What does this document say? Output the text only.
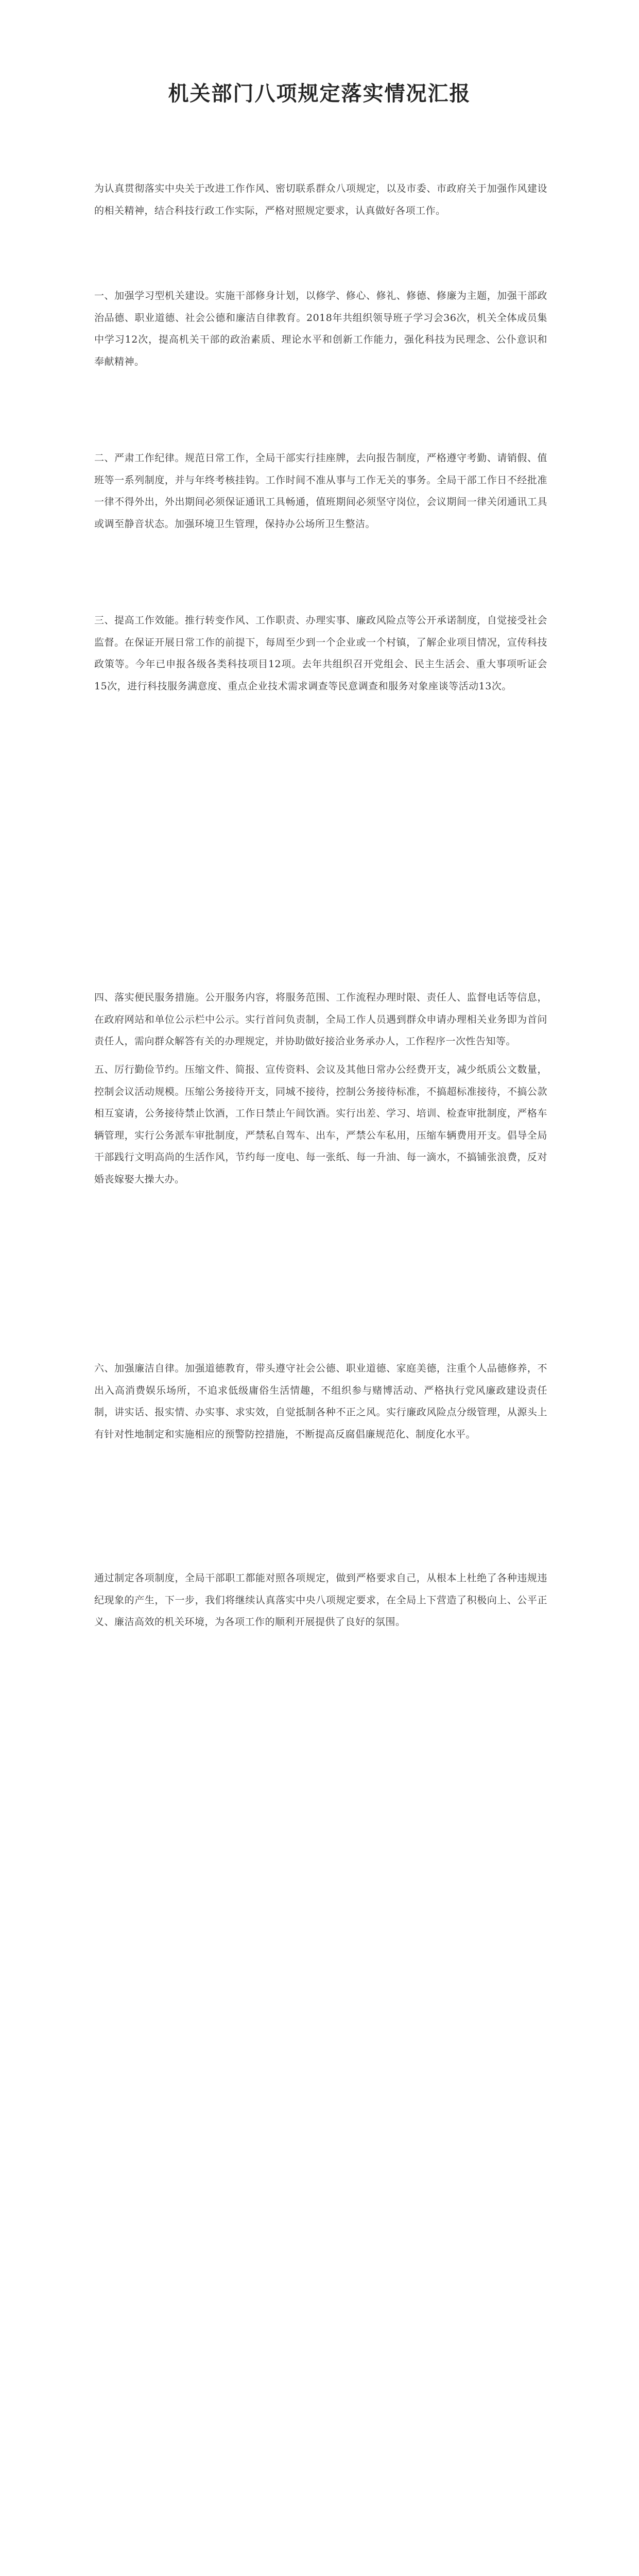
机关部门八项规定落实情况汇报

为认真贯彻落实中央关于改进工作作风、密切联系群众八项规定，以及市委、市政府关于加强作风建设的相关精神，结合科技行政工作实际，严格对照规定要求，认真做好各项工作。

一、加强学习型机关建设。实施干部修身计划，以修学、修心、修礼、修德、修廉为主题，加强干部政治品德、职业道德、社会公德和廉洁自律教育。2018年共组织领导班子学习会36次，机关全体成员集中学习12次，提高机关干部的政治素质、理论水平和创新工作能力，强化科技为民理念、公仆意识和奉献精神。

二、严肃工作纪律。规范日常工作，全局干部实行挂座牌，去向报告制度，严格遵守考勤、请销假、值班等一系列制度，并与年终考核挂钩。工作时间不准从事与工作无关的事务。全局干部工作日不经批准一律不得外出，外出期间必须保证通讯工具畅通，值班期间必须坚守岗位，会议期间一律关闭通讯工具或调至静音状态。加强环境卫生管理，保持办公场所卫生整洁。

三、提高工作效能。推行转变作风、工作职责、办理实事、廉政风险点等公开承诺制度，自觉接受社会监督。在保证开展日常工作的前提下，每周至少到一个企业或一个村镇，了解企业项目情况，宣传科技政策等。今年已申报各级各类科技项目12项。去年共组织召开党组会、民主生活会、重大事项听证会15次，进行科技服务满意度、重点企业技术需求调查等民意调查和服务对象座谈等活动13次。

四、落实便民服务措施。公开服务内容，将服务范围、工作流程办理时限、责任人、监督电话等信息，在政府网站和单位公示栏中公示。实行首问负责制，全局工作人员遇到群众申请办理相关业务即为首问责任人，需向群众解答有关的办理规定，并协助做好接洽业务承办人，工作程序一次性告知等。

五、厉行勤俭节约。压缩文件、简报、宣传资料、会议及其他日常办公经费开支，减少纸质公文数量，控制会议活动规模。压缩公务接待开支，同城不接待，控制公务接待标准，不搞超标准接待，不搞公款相互宴请，公务接待禁止饮酒，工作日禁止午间饮酒。实行出差、学习、培训、检查审批制度，严格车辆管理，实行公务派车审批制度，严禁私自驾车、出车，严禁公车私用，压缩车辆费用开支。倡导全局干部践行文明高尚的生活作风，节约每一度电、每一张纸、每一升油、每一滴水，不搞铺张浪费，反对婚丧嫁娶大操大办。

六、加强廉洁自律。加强道德教育，带头遵守社会公德、职业道德、家庭美德，注重个人品德修养，不出入高消费娱乐场所，不追求低级庸俗生活情趣，不组织参与赌博活动、严格执行党风廉政建设责任制，讲实话、报实情、办实事、求实效，自觉抵制各种不正之风。实行廉政风险点分级管理，从源头上有针对性地制定和实施相应的预警防控措施，不断提高反腐倡廉规范化、制度化水平。

通过制定各项制度，全局干部职工都能对照各项规定，做到严格要求自己，从根本上杜绝了各种违规违纪现象的产生，下一步，我们将继续认真落实中央八项规定要求，在全局上下营造了积极向上、公平正义、廉洁高效的机关环境，为各项工作的顺利开展提供了良好的氛围。
